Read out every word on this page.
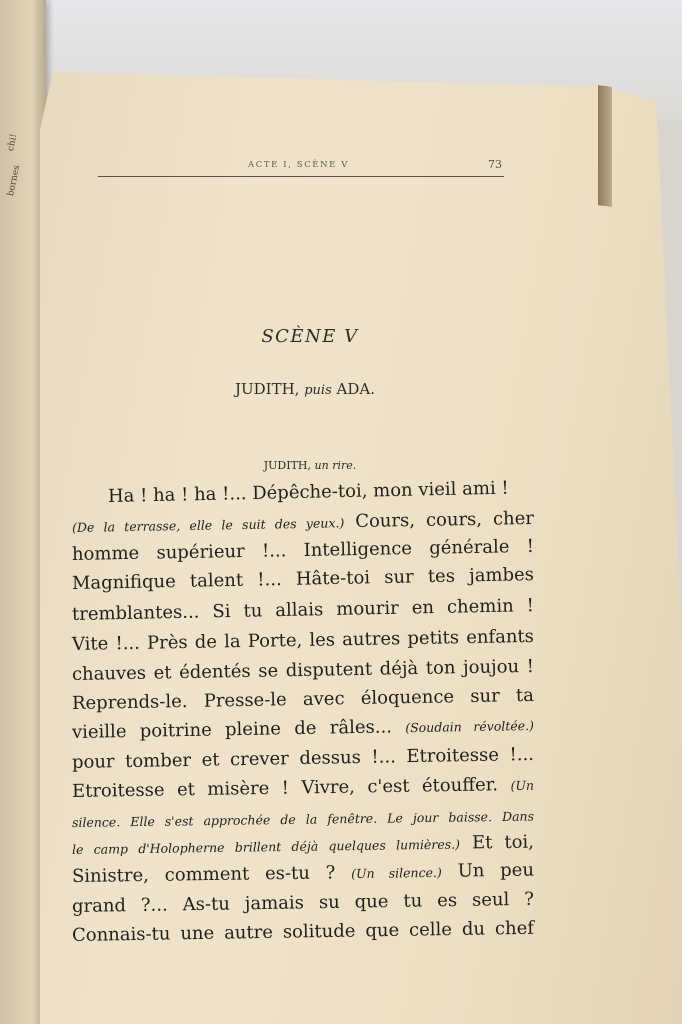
chi!
bornes	ACTE I, SCÈNE V	73
SCÈNE V
JUDITH, puis ADA.
JUDITH, un rire.
Ha ! ha ! ha !... Dépêche-toi, mon vieil ami !
(De la terrasse, elle le suit des yeux.) Cours, cours, cher
homme supérieur !... Intelligence générale !
Magnifique talent !... Hâte-toi sur tes jambes
tremblantes... Si tu allais mourir en chemin !
Vite !... Près de la Porte, les autres petits enfants
chauves et édentés se disputent déjà ton joujou !
Reprends-le. Presse-le avec éloquence sur ta
vieille poitrine pleine de râles... (Soudain révoltée.)
pour tomber et crever dessus !... Etroitesse !...
Etroitesse et misère ! Vivre, c'est étouffer. (Un
silence. Elle s'est approchée de la fenêtre. Le jour baisse. Dans
le camp d'Holopherne brillent déjà quelques lumières.) Et toi,
Sinistre, comment es-tu ? (Un silence.) Un peu
grand ?... As-tu jamais su que tu es seul ?
Connais-tu une autre solitude que celle du chef
